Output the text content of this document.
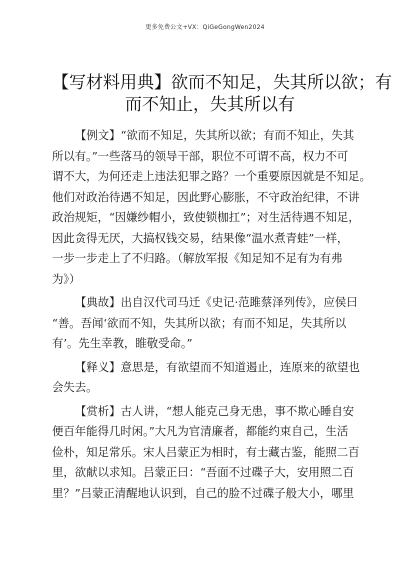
更多免费公文+VX：QiGeGongWen2024
【写材料用典】欲而不知足，失其所以欲；有
而不知止，失其所以有
【例文】“欲而不知足，失其所以欲；有而不知止，失其
所以有。”一些落马的领导干部，职位不可谓不高，权力不可
谓不大，为何还走上违法犯罪之路？一个重要原因就是不知足。
他们对政治待遇不知足，因此野心膨胀，不守政治纪律，不讲
政治规矩，“因嫌纱帽小，致使锁枷扛”；对生活待遇不知足，
因此贪得无厌，大搞权钱交易，结果像“温水煮青蛙”一样，
一步一步走上了不归路。（解放军报《知足知不足有为有弗
为》）
【典故】出自汉代司马迁《史记·范雎蔡泽列传》，应侯曰
“善。吾闻‘欲而不知，失其所以欲；有而不知足，失其所以
有’。先生幸教，睢敬受命。”
【释义】意思是，有欲望而不知道遏止，连原来的欲望也
会失去。
【赏析】古人讲，“想人能克己身无患，事不欺心睡自安
便百年能得几时闲。”大凡为官清廉者，都能约束自己，生活
俭朴，知足常乐。宋人吕蒙正为相时，有士藏古鉴，能照二百
里，欲献以求知。吕蒙正曰：“吾面不过碟子大，安用照二百
里？”吕蒙正清醒地认识到，自己的脸不过碟子般大小，哪里
